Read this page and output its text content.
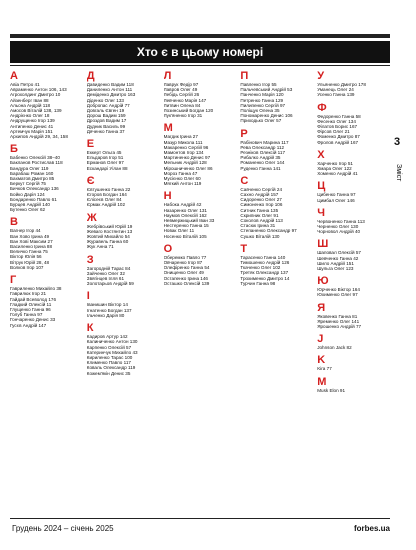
Хто є в цьому номері
А
Авіа Петро 41
Авраменко Антон 106, 143
Агрохолдинг Дмитро 10
Айзенберг Іван 88
Альона Андрій 118
Амосов Віталій 138, 139
Андрієнко Олег 18
Андрущенко Ігор 139
Антипенко Денис 41
Артемчук Марія 151
Архипов Андрій 29, 34, 158
Б
Бабенко Олексій 38–40
Бакланов Ростислав 118
Бандура Олег 119
Барабаш Роман 160
Бахматов Дмитро 85
Беркут Сергій 75
Бичков Олександр 136
Бойко Дарія 124
Бондаренко Павло 61
Бурцев Андрій 140
Бутенко Олег 62
В
Вагнер Ігор 44
Ван Хово Ірина 49
Ван Хові Максим 27
Василенко Ірина 88
Величко Ганна 75
Віктор Юлія 56
Вітрук Юрій 28, 48
Волков Ігор 107
Г
Гавриленко Михайло 38
Гаврилюк Ігор 21
Гайдай Всеволод 176
Гладкий Олексій 11
Глущенко Ганна 96
Голуб Ганна 97
Гончаренко Денис 33
Гусєв Андрій 147
Д
Давиденко Вадим 118
Даниленко Антон 111
Деміденко Дмитро 163
Діденко Олег 133
Добропас Андрій 77
Довгаль Євген 19
Дорош Вадим 159
Дроздов Вадим 17
Дудник Василь 99
Дяченко Ганна 37
Е
Еккерт Ольга 45
Ельдаров Ігор 51
Ерманов Олег 97
Ескандарі Уілан 88
Є
Євтушенко Ганна 22
Єгоров Богдан 164
Єлісеєв Олег 84
Єрмак Андрій 102
Ж
Жебрівський Юрій 19
Жеваго Костянтин 13
Жовтий Михайло 54
Журавель Ганна 60
Жук Анна 71
З
Загородній Тарас 84
Зайченко Олег 32
Звягінцев Ілля 61
Золотарьов Андрій 59
І
Іванишин Віктор 14
Ігнатенко Богдан 137
Ільченко Дарія 80
К
Кадиров Артур 142
Калиниченко Антон 130
Карпенко Олексій 57
Катеринчук Михайло 43
Кириленко Тарас 100
Клименко Павло 117
Коваль Олександр 119
Кожем'якін Денис 35
Л
Лаврук Федір 97
Лавров Олег 49
Лебідь Сергій 26
Левченко Марія 147
Литвин Олена 84
Лозинський Богдан 120
Лук'яненко Ігор 31
М
Магдик Ірина 27
Мазур Микола 111
Макаренко Сергій 96
Мамонтов Ігор 134
Мартиненко Денис 97
Мельник Андрій 128
Мірошниченко Олег 86
Мороз Ганна 47
Мусієнко Олег 60
Мягкий Антон 119
Н
Набока Андрій 42
Назаренко Олег 131
Наумов Олексій 162
Невмержицький Іван 33
Нестеренко Ганна 15
Новак Олег 11
Носенко Віталій 105
О
Оберемко Павло 77
Овчаренко Ігор 87
Олефіренко Ганна 54
Онищенко Олег 49
Остапенко Ірина 146
Осташко Олексій 139
П
Павленко Ігор 55
Пальчевський Андрій 53
Панченко Марія 120
Петренко Ганна 129
Пилипенко Сергій 97
Поліщук Олена 35
Пономаренко Денис 106
Приходько Олег 57
Р
Рабінович Марина 117
Рева Олександр 112
Резніков Олексій 117
Рибалко Андрій 35
Романенко Олег 144
Руденко Ганна 141
С
Савченко Сергій 24
Сахно Андрій 157
Сидоренко Олег 27
Симоненко Ігор 106
Ситник Ганна 135
Скрипник Олег 91
Соколов Андрій 113
Стасюк Ірина 31
Степаненко Олександр 97
Сушко Віталій 130
Т
Тарасенко Ганна 140
Тимошенко Андрій 126
Ткаченко Олег 102
Третяк Олександр 137
Трохименко Дмитро 14
Турчин Ганна 98
У
Ульяненко Дмитро 178
Уманець Олег 24
Усенко Ганна 139
Ф
Федоренко Ганна 58
Фесенко Олег 134
Філатов Борис 167
Фірсов Олег 21
Фоменко Дмитро 87
Фролов Андрій 167
Х
Харченко Ігор 51
Хмара Олег 122
Хоменко Андрій 41
Ц
Цибенко Ганна 97
Цимбал Олег 146
Ч
Червоненко Ганна 113
Черненко Олег 130
Чорновол Андрій 40
Ш
Шаповал Олексій 57
Шевченко Ганна 42
Шило Андрій 151
Шульга Олег 123
Ю
Юрченко Віктор 164
Юхименко Олег 97
Я
Яковенко Ганна 81
Яременко Олег 141
Ярошенко Андрій 77
J
Johnson Jack 82
K
Kira 77
M
Musk Elon 91
Грудень 2024 – січень 2025	forbes.ua
3
Зміст
